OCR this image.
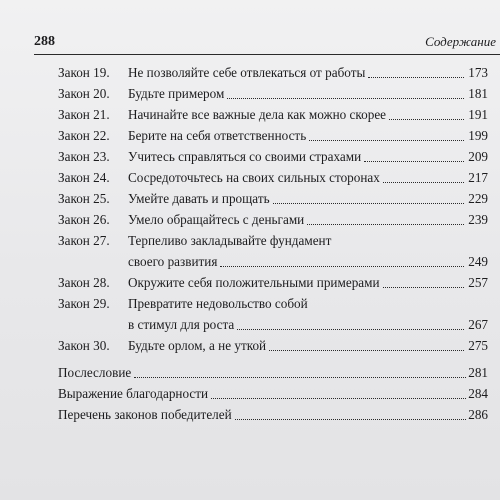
288	Содержание
Закон 19.	Не позволяйте себе отвлекаться от работы	173
Закон 20.	Будьте примером	181
Закон 21.	Начинайте все важные дела как можно скорее	191
Закон 22.	Берите на себя ответственность	199
Закон 23.	Учитесь справляться со своими страхами	209
Закон 24.	Сосредоточьтесь на своих сильных сторонах	217
Закон 25.	Умейте давать и прощать	229
Закон 26.	Умело обращайтесь с деньгами	239
Закон 27.	Терпеливо закладывайте фундамент
своего развития	249
Закон 28.	Окружите себя положительными примерами	257
Закон 29.	Превратите недовольство собой
в стимул для роста	267
Закон 30.	Будьте орлом, а не уткой	275
Послесловие	281
Выражение благодарности	284
Перечень законов победителей	286
